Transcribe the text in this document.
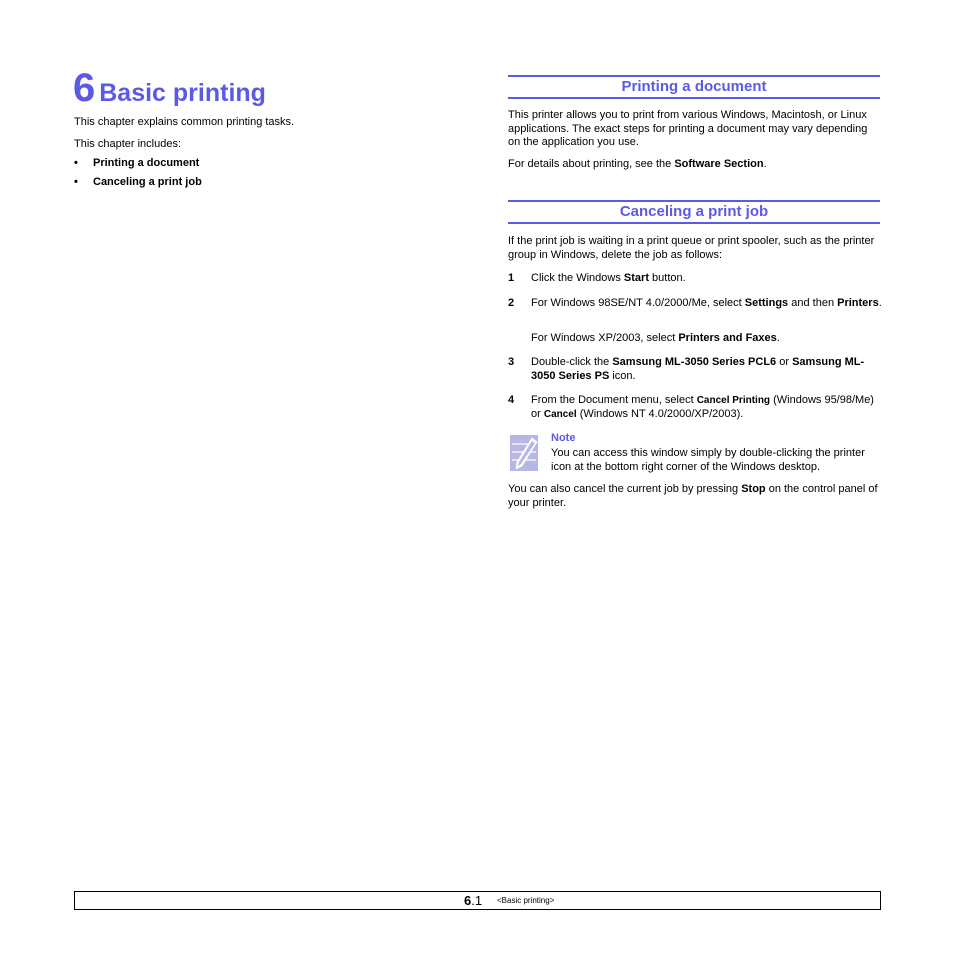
6 Basic printing
This chapter explains common printing tasks.
This chapter includes:
• Printing a document
• Canceling a print job
Printing a document
This printer allows you to print from various Windows, Macintosh, or Linux applications. The exact steps for printing a document may vary depending on the application you use.
For details about printing, see the Software Section.
Canceling a print job
If the print job is waiting in a print queue or print spooler, such as the printer group in Windows, delete the job as follows:
1 Click the Windows Start button.
2 For Windows 98SE/NT 4.0/2000/Me, select Settings and then Printers.
For Windows XP/2003, select Printers and Faxes.
3 Double-click the Samsung ML-3050 Series PCL6 or Samsung ML-3050 Series PS icon.
4 From the Document menu, select Cancel Printing (Windows 95/98/Me) or Cancel (Windows NT 4.0/2000/XP/2003).
Note
You can access this window simply by double-clicking the printer icon at the bottom right corner of the Windows desktop.
You can also cancel the current job by pressing Stop on the control panel of your printer.
6.1 <Basic printing>
